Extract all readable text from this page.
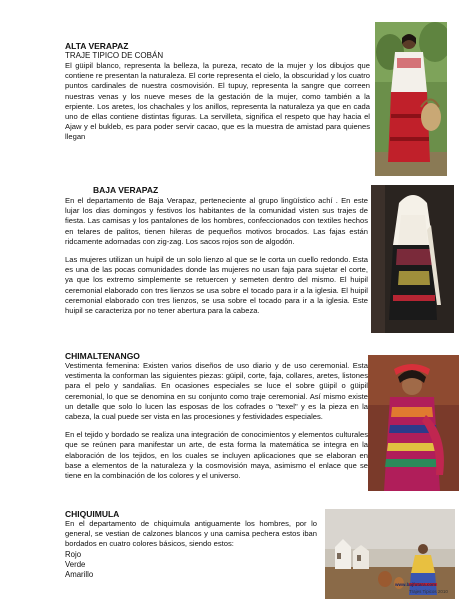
ALTA VERAPAZ

TRAJE TIPICO DE COBÁN

El güipil blanco, representa la belleza, la pureza, recato de la mujer y los dibujos que contiene re presentan la naturaleza. El corte representa el cielo, la obscuridad y los cuatro puntos cardinales de nuestra cosmovisión. El tupuy, representa la sangre que correen nuestras venas y los nueve meses de la gestación de la mujer, como también a la erpiente. Los aretes, los chachales y los anillos, representa la naturaleza ya que en cada uno de ellas contiene distintas figuras. La servilleta, significa el respeto que hay hacia el Ajaw y el bukleb, es para poder servir cacao, que es la muestra de amistad para quienes llegan

BAJA VERAPAZ

En el departamento de Baja Verapaz, perteneciente al grupo lingüístico achí . En este lujar los dias domingos y festivos los habitantes de la comunidad visten sus trajes de fiesta. Las camisas y los pantalones de los hombres, confeccionados con textiles hechos en telares de palitos, tienen hileras de pequeños motivos brocados. Las fajas están ridcamente adornadas con zig-zag. Los sacos rojos son de algodón.

Las mujeres utilizan un huipil de un solo lienzo al que se le corta un cuello redondo. Esta es una de las pocas comunidades donde las mujeres no usan faja para sujetar el corte, ya que los extremo simplemente se retuercen y semeten dentro del mismo. El huipil ceremonial elaborado con tres lienzos se usa sobre el tocado para ir a la iglesia. El huipil ceremonial elaborado con tres lienzos, se usa sobre el tocado para ir a la iglesia. Este huipil se caracteriza por no tener abertura para la cabeza.

CHIMALTENANGO

Vestimenta femenina: Existen varios diseños de uso diario y de uso ceremonial. Esta vestimenta la conforman las siguientes piezas: güipil, corte, faja, collares, aretes, listones para el pelo y sandalias. En ocasiones especiales se luce el sobre güipil o güipil ceremonial, lo que se denomina en su conjunto como traje ceremonial. Así mismo existe un detalle que solo lo lucen las esposas de los cofrades o "texel" y es la pieza en la cabeza, la cual puede ser vista en las procesiones y festividades especiales.

En el tejido y bordado se realiza una integración de conocimientos y elementos culturales que se reúnen para manifestar un arte, de esta forma la matemática se integra en la elaboración de los tejidos, en los cuales se incluyen aplicaciones que se elaboran en base a elementos de la naturaleza y la cosmovisión maya, asimismo el enlace que se tiene en la combinación de los colores y el universo.

CHIQUIMULA

En el departamento de chiquimula antiguamente los hombres, por lo general, se vestian de calzones blancos y una camisa pechera estos iban bordados en cuatro colores básicos, siendo estos:

Rojo

Verde

Amarillo

www.bajfutara.com
Trajes Tipicos 2010
